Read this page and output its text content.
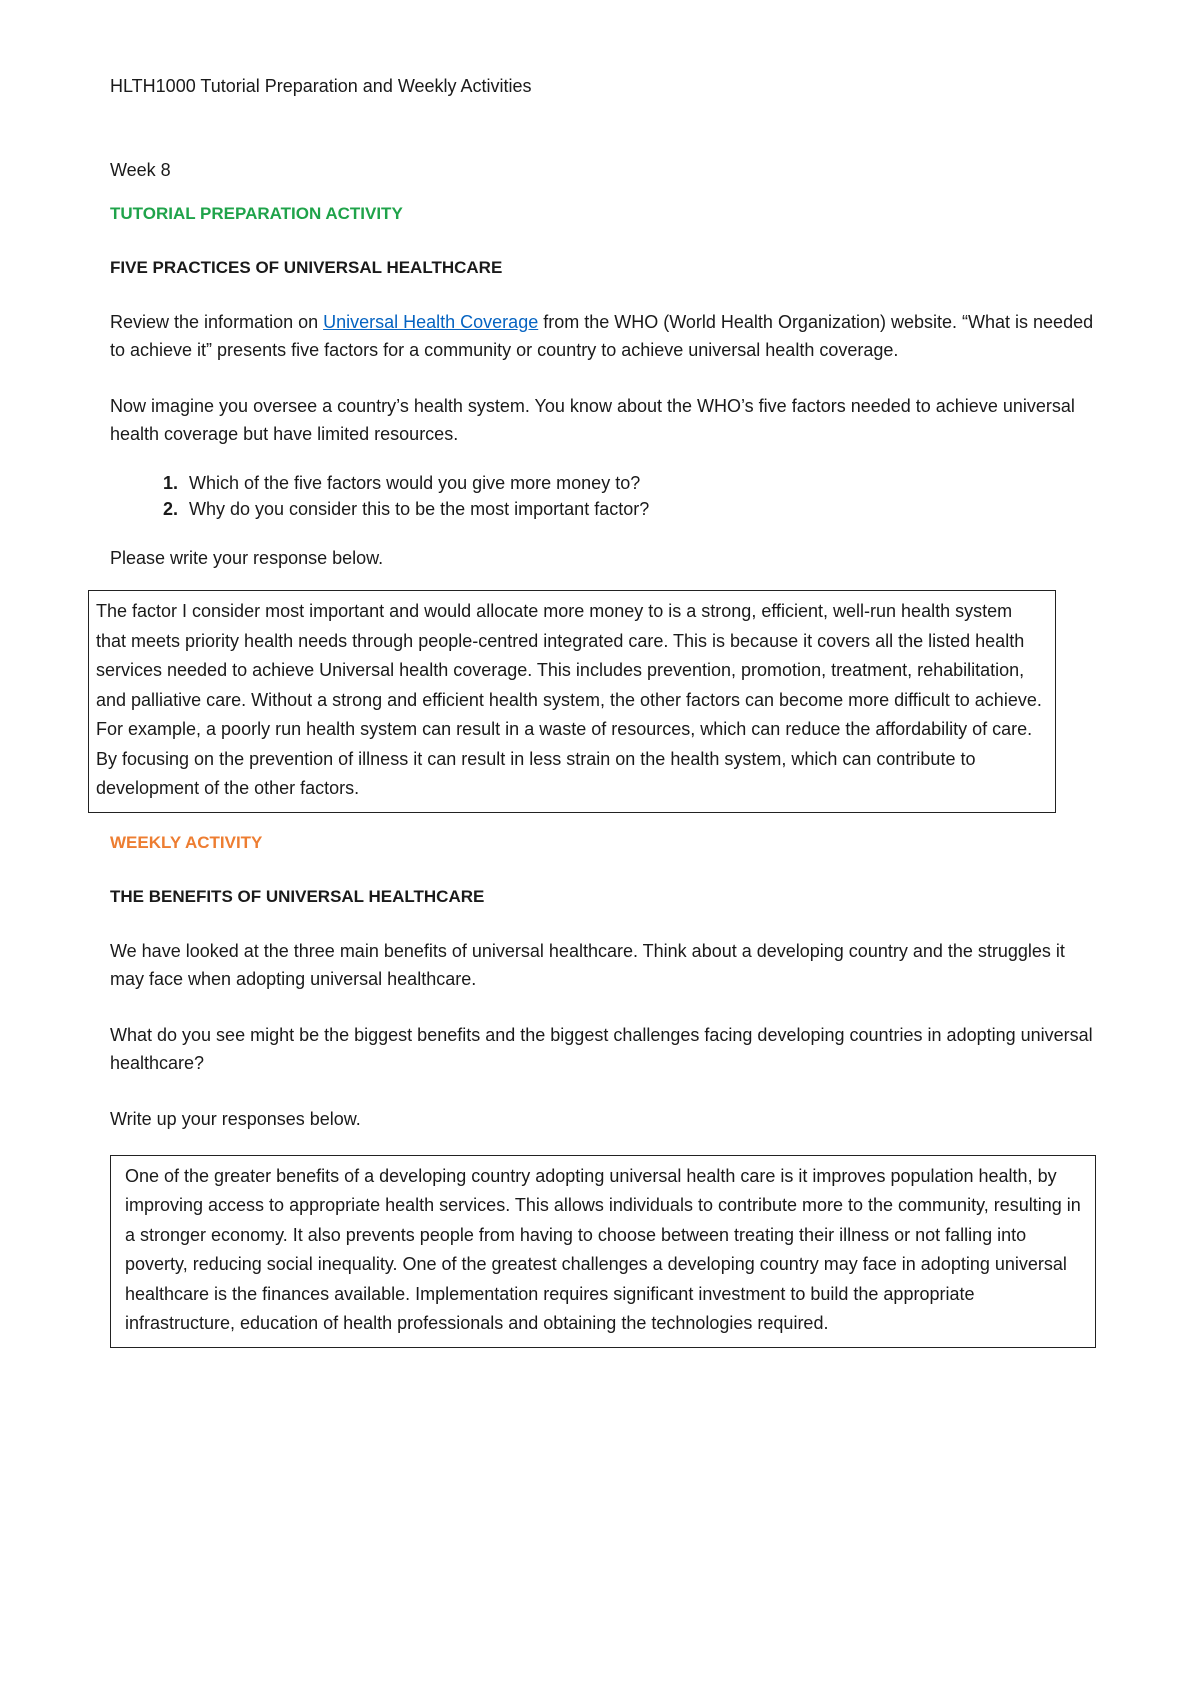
HLTH1000 Tutorial Preparation and Weekly Activities

Week 8

TUTORIAL PREPARATION ACTIVITY

FIVE PRACTICES OF UNIVERSAL HEALTHCARE

Review the information on Universal Health Coverage from the WHO (World Health Organization) website. “What is needed to achieve it” presents five factors for a community or country to achieve universal health coverage.

Now imagine you oversee a country’s health system. You know about the WHO’s five factors needed to achieve universal health coverage but have limited resources.

1. Which of the five factors would you give more money to?
2. Why do you consider this to be the most important factor?

Please write your response below.

The factor I consider most important and would allocate more money to is a strong, efficient, well-run health system that meets priority health needs through people-centred integrated care. This is because it covers all the listed health services needed to achieve Universal health coverage. This includes prevention, promotion, treatment, rehabilitation, and palliative care. Without a strong and efficient health system, the other factors can become more difficult to achieve. For example, a poorly run health system can result in a waste of resources, which can reduce the affordability of care. By focusing on the prevention of illness it can result in less strain on the health system, which can contribute to development of the other factors.

WEEKLY ACTIVITY

THE BENEFITS OF UNIVERSAL HEALTHCARE

We have looked at the three main benefits of universal healthcare. Think about a developing country and the struggles it may face when adopting universal healthcare.

What do you see might be the biggest benefits and the biggest challenges facing developing countries in adopting universal healthcare?

Write up your responses below.

One of the greater benefits of a developing country adopting universal health care is it improves population health, by improving access to appropriate health services. This allows individuals to contribute more to the community, resulting in a stronger economy. It also prevents people from having to choose between treating their illness or not falling into poverty, reducing social inequality. One of the greatest challenges a developing country may face in adopting universal healthcare is the finances available. Implementation requires significant investment to build the appropriate infrastructure, education of health professionals and obtaining the technologies required.
